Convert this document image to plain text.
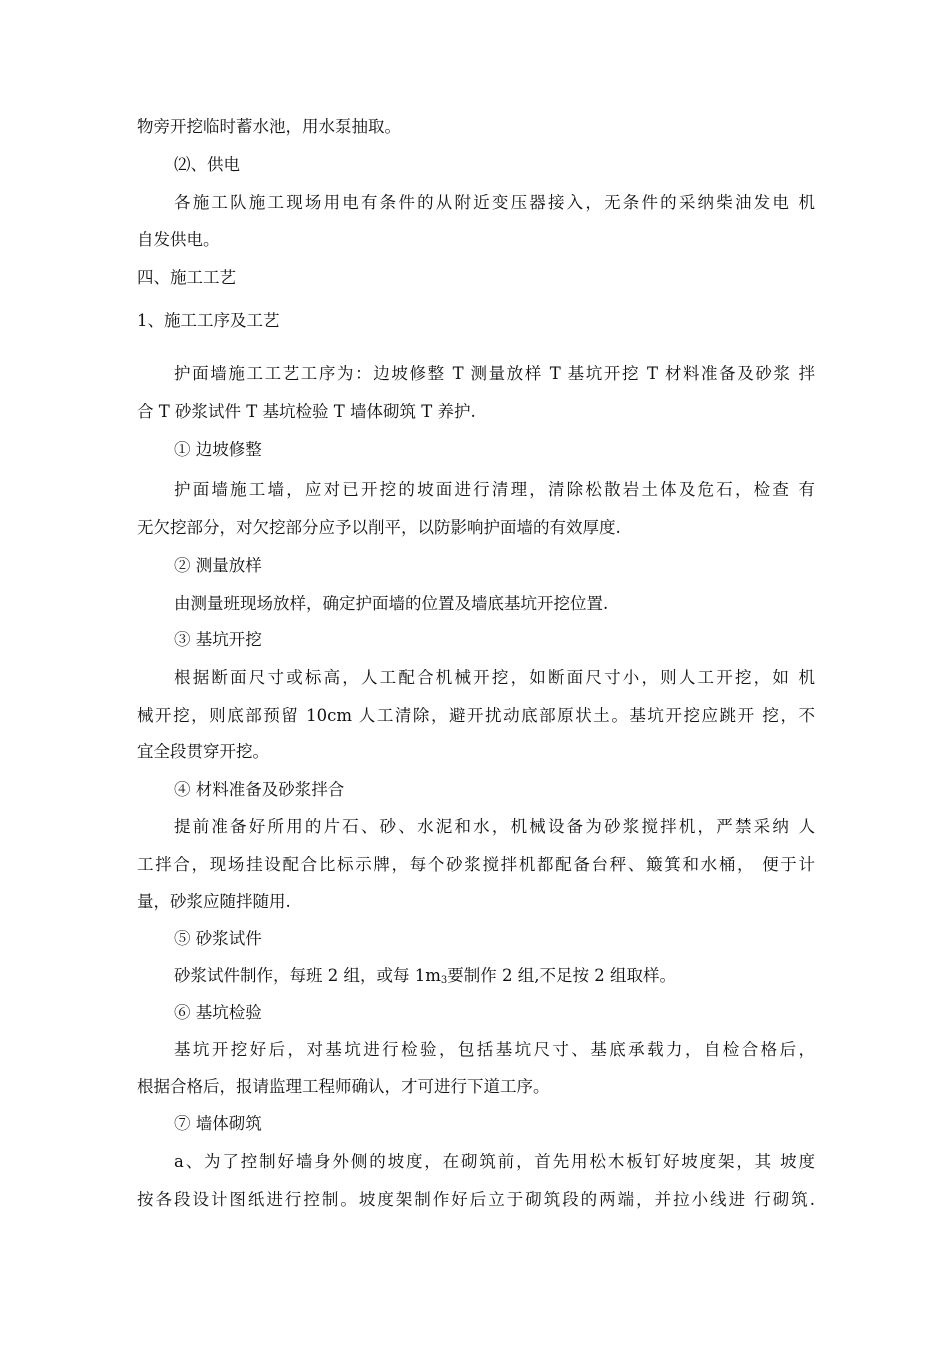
物旁开挖临时蓄水池，用水泵抽取。
⑵、供电
各施工队施工现场用电有条件的从附近变压器接入，无条件的采纳柴油发电 机
自发供电。
四、施工工艺
1、施工工序及工艺
护面墙施工工艺工序为：边坡修整 T 测量放样 T 基坑开挖 T 材料准备及砂浆 拌
合 T 砂浆试件 T 基坑检验 T 墙体砌筑 T 养护.
① 边坡修整
护面墙施工墙，应对已开挖的坡面进行清理，清除松散岩土体及危石，检查 有
无欠挖部分，对欠挖部分应予以削平，以防影响护面墙的有效厚度.
② 测量放样
由测量班现场放样，确定护面墙的位置及墙底基坑开挖位置.
③ 基坑开挖
根据断面尺寸或标高，人工配合机械开挖，如断面尺寸小，则人工开挖，如 机
械开挖，则底部预留 10cm 人工清除，避开扰动底部原状土。基坑开挖应跳开 挖，不
宜全段贯穿开挖。
④ 材料准备及砂浆拌合
提前准备好所用的片石、砂、水泥和水，机械设备为砂浆搅拌机，严禁采纳 人
工拌合，现场挂设配合比标示牌，每个砂浆搅拌机都配备台秤、簸箕和水桶， 便于计
量，砂浆应随拌随用.
⑤ 砂浆试件
砂浆试件制作，每班 2 组，或每 $1m_3$要制作 2 组,不足按 2 组取样。
⑥ 基坑检验
基坑开挖好后，对基坑进行检验，包括基坑尺寸、基底承载力，自检合格后，
根据合格后，报请监理工程师确认，才可进行下道工序。
⑦ 墙体砌筑
a、为了控制好墙身外侧的坡度，在砌筑前，首先用松木板钉好坡度架，其 坡度
按各段设计图纸进行控制。坡度架制作好后立于砌筑段的两端，并拉小线进 行砌筑.
